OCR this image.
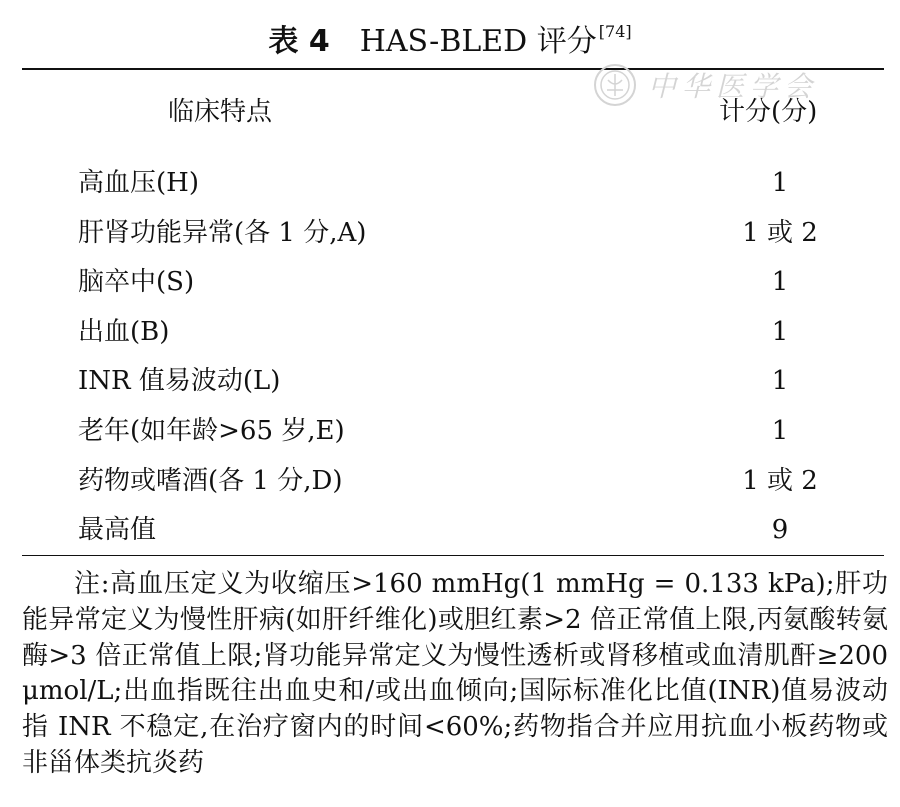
表 4 HAS-BLED 评分 [74]
中华医学会
临床特点	计分(分)
高血压(H)	1
肝肾功能异常(各 1 分,A)	1 或 2
脑卒中(S)	1
出血(B)	1
INR 值易波动(L)	1
老年(如年龄>65 岁,E)	1
药物或嗜酒(各 1 分,D)	1 或 2
最高值	9
注:高血压定义为收缩压>160 mmHg(1 mmHg = 0.133 kPa);肝功能异常定义为慢性肝病(如肝纤维化)或胆红素>2 倍正常值上限,丙氨酸转氨酶>3 倍正常值上限;肾功能异常定义为慢性透析或肾移植或血清肌酐≥200 μmol/L;出血指既往出血史和/或出血倾向;国际标准化比值(INR)值易波动指 INR 不稳定,在治疗窗内的时间<60%;药物指合并应用抗血小板药物或非甾体类抗炎药
